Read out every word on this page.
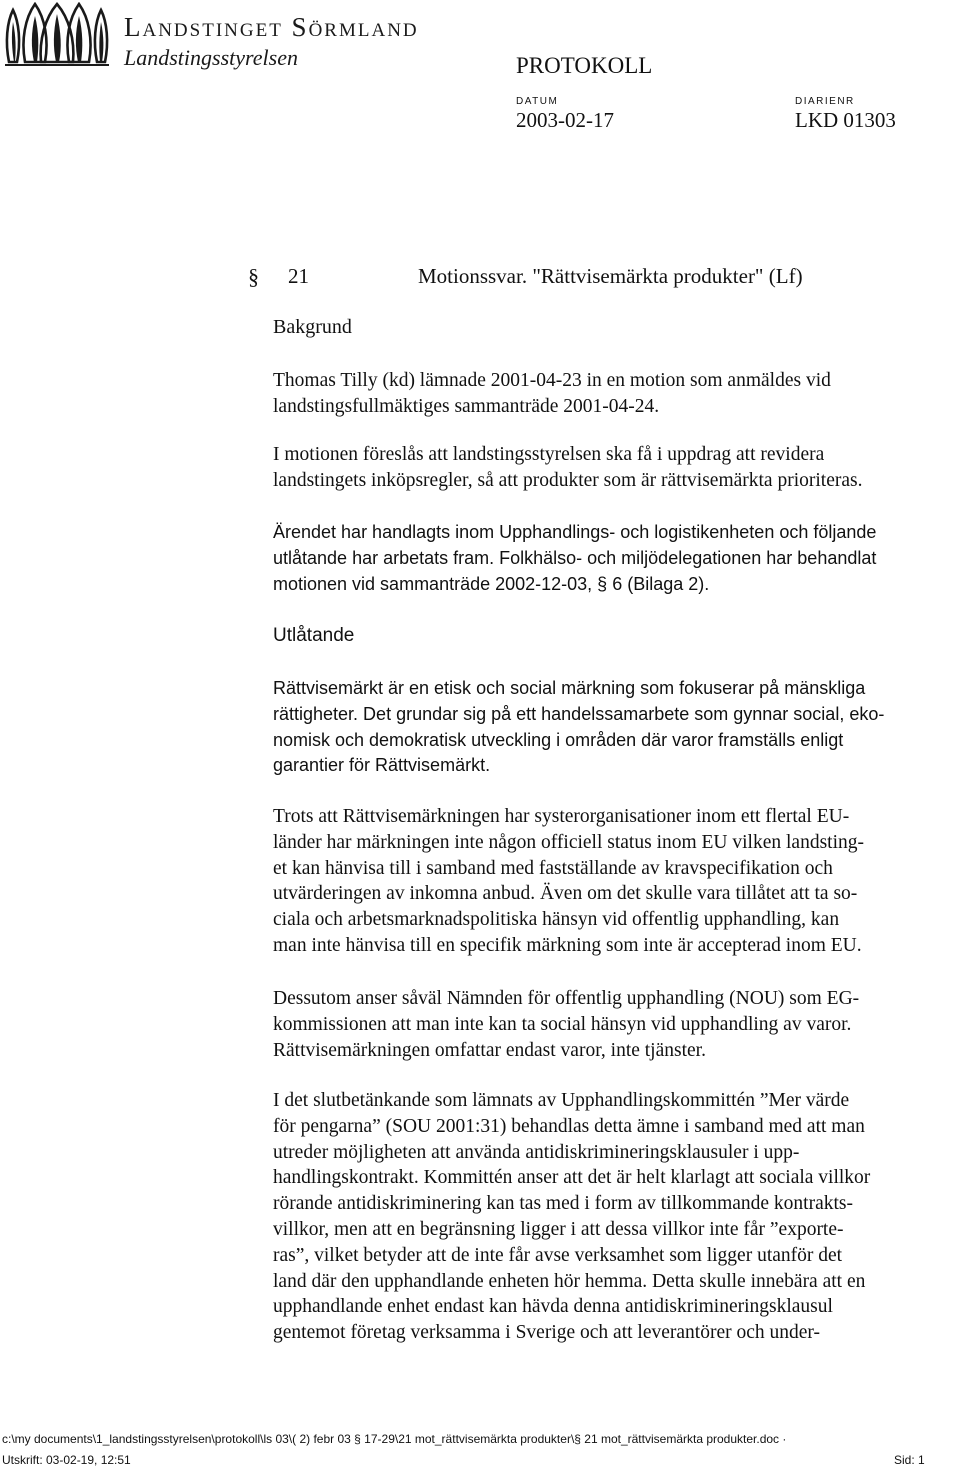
Landstinget Sörmland
Landstingsstyrelsen	PROTOKOLL
DATUM	DIARIENR
2003-02-17	LKD 01303
§ 21	Motionssvar. "Rättvisemärkta produkter" (Lf)
Bakgrund
Thomas Tilly (kd) lämnade 2001-04-23 in en motion som anmäldes vid
landstingsfullmäktiges sammanträde 2001-04-24.
I motionen föreslås att landstingsstyrelsen ska få i uppdrag att revidera
landstingets inköpsregler, så att produkter som är rättvisemärkta prioriteras.
Ärendet har handlagts inom Upphandlings- och logistikenheten och följande
utlåtande har arbetats fram. Folkhälso- och miljödelegationen har behandlat
motionen vid sammanträde 2002-12-03, § 6 (Bilaga 2).
Utlåtande
Rättvisemärkt är en etisk och social märkning som fokuserar på mänskliga
rättigheter. Det grundar sig på ett handelssamarbete som gynnar social, eko-
nomisk och demokratisk utveckling i områden där varor framställs enligt
garantier för Rättvisemärkt.
Trots att Rättvisemärkningen har systerorganisationer inom ett flertal EU-
länder har märkningen inte någon officiell status inom EU vilken landsting-
et kan hänvisa till i samband med fastställande av kravspecifikation och
utvärderingen av inkomna anbud. Även om det skulle vara tillåtet att ta so-
ciala och arbetsmarknadspolitiska hänsyn vid offentlig upphandling, kan
man inte hänvisa till en specifik märkning som inte är accepterad inom EU.
Dessutom anser såväl Nämnden för offentlig upphandling (NOU) som EG-
kommissionen att man inte kan ta social hänsyn vid upphandling av varor.
Rättvisemärkningen omfattar endast varor, inte tjänster.
I det slutbetänkande som lämnats av Upphandlingskommittén ”Mer värde
för pengarna” (SOU 2001:31) behandlas detta ämne i samband med att man
utreder möjligheten att använda antidiskrimineringsklausuler i upp-
handlingskontrakt. Kommittén anser att det är helt klarlagt att sociala villkor
rörande antidiskriminering kan tas med i form av tillkommande kontrakts-
villkor, men att en begränsning ligger i att dessa villkor inte får ”exporte-
ras”, vilket betyder att de inte får avse verksamhet som ligger utanför det
land där den upphandlande enheten hör hemma. Detta skulle innebära att en
upphandlande enhet endast kan hävda denna antidiskrimineringsklausul
gentemot företag verksamma i Sverige och att leverantörer och under-
c:\my documents\1_landstingsstyrelsen\protokoll\ls 03\( 2) febr 03 § 17-29\21 mot_rättvisemärkta produkter\§ 21 mot_rättvisemärkta produkter.doc ·
Utskrift: 03-02-19, 12:51	Sid: 1
